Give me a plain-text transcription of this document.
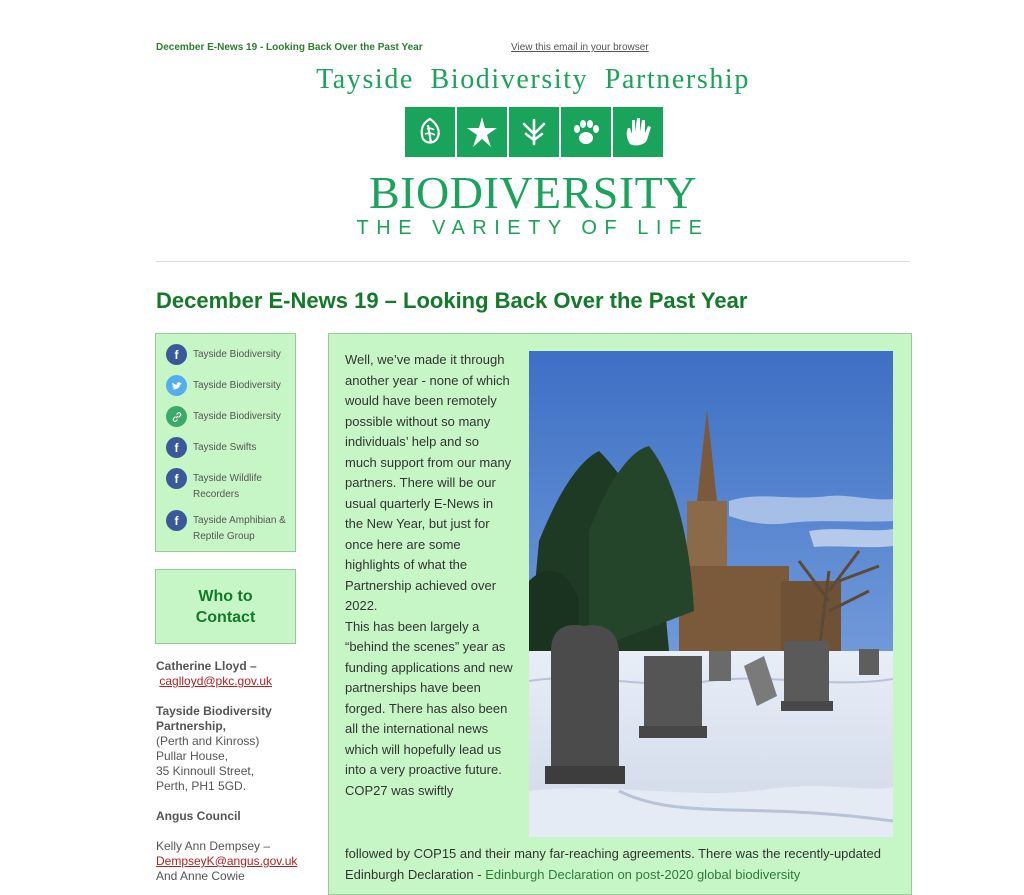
December E-News 19 - Looking Back Over the Past Year	View this email in your browser
Tayside Biodiversity Partnership
BIODIVERSITY
THE VARIETY OF LIFE
December E-News 19 – Looking Back Over the Past Year
f	Tayside Biodiversity
Tayside Biodiversity
Tayside Biodiversity
f	Tayside Swifts
f	Tayside Wildlife Recorders
f	Tayside Amphibian & Reptile Group
Who to Contact
Catherine Lloyd –
caglloyd@pkc.gov.uk
Tayside Biodiversity Partnership,
(Perth and Kinross)
Pullar House,
35 Kinnoull Street,
Perth, PH1 5GD.
Angus Council
Kelly Ann Dempsey –
DempseyK@angus.gov.uk
And Anne Cowie
Well, we’ve made it through another year - none of which would have been remotely possible without so many individuals’ help and so much support from our many partners. There will be our usual quarterly E-News in the New Year, but just for once here are some highlights of what the Partnership achieved over 2022.
This has been largely a “behind the scenes” year as funding applications and new partnerships have been forged. There has also been all the international news which will hopefully lead us into a very proactive future. COP27 was swiftly
followed by COP15 and their many far-reaching agreements. There was the recently-updated Edinburgh Declaration - Edinburgh Declaration on post-2020 global biodiversity
